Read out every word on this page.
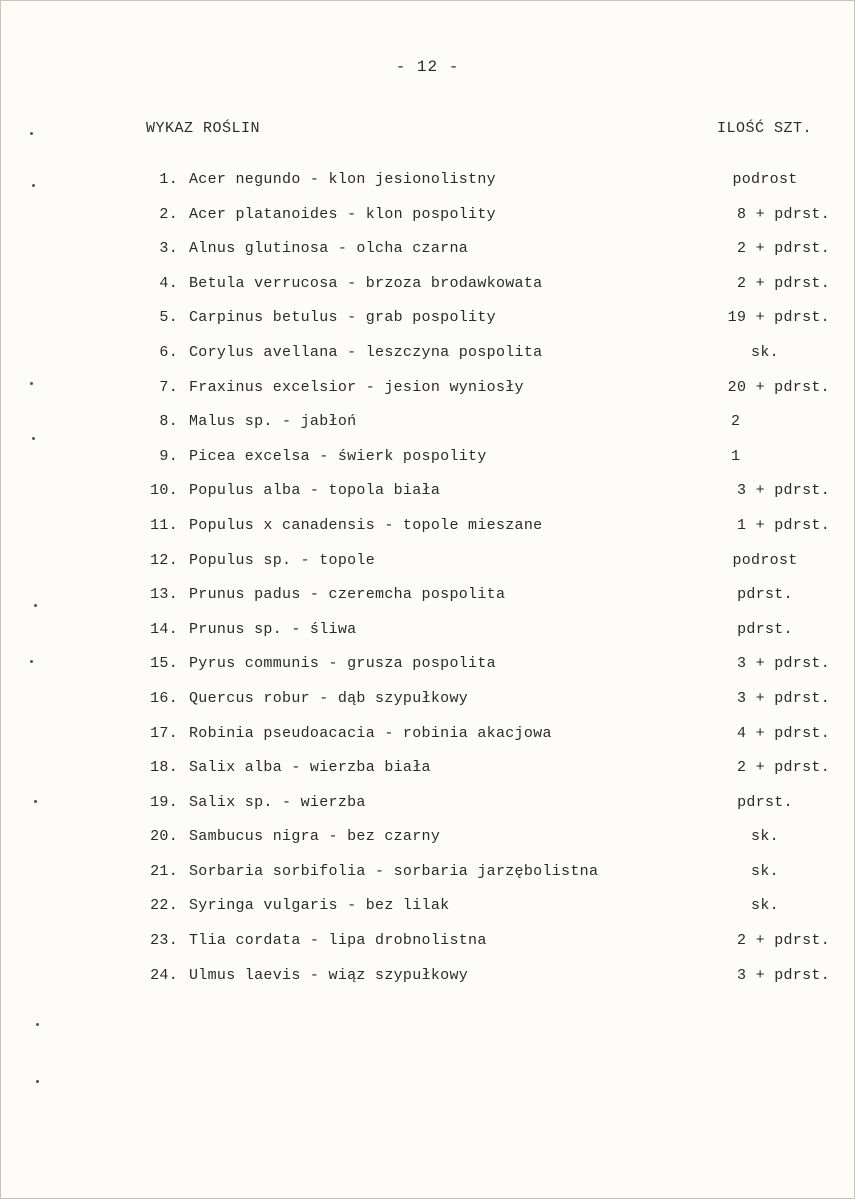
- 12 -
WYKAZ ROŚLIN	ILOŚĆ SZT.
1. Acer negundo - klon jesionolistny	podrost
2. Acer platanoides - klon pospolity	8 + pdrst.
3. Alnus glutinosa - olcha czarna	2 + pdrst.
4. Betula verrucosa - brzoza brodawkowata	2 + pdrst.
5. Carpinus betulus - grab pospolity	19 + pdrst.
6. Corylus avellana - leszczyna pospolita	sk.
7. Fraxinus excelsior - jesion wyniosły	20 + pdrst.
8. Malus sp. - jabłoń	2
9. Picea excelsa - świerk pospolity	1
10. Populus alba - topola biała	3 + pdrst.
11. Populus x canadensis - topole mieszane	1 + pdrst.
12. Populus sp. - topole	podrost
13. Prunus padus - czeremcha pospolita	pdrst.
14. Prunus sp. - śliwa	pdrst.
15. Pyrus communis - grusza pospolita	3 + pdrst.
16. Quercus robur - dąb szypułkowy	3 + pdrst.
17. Robinia pseudoacacia - robinia akacjowa	4 + pdrst.
18. Salix alba - wierzba biała	2 + pdrst.
19. Salix sp. - wierzba	pdrst.
20. Sambucus nigra - bez czarny	sk.
21. Sorbaria sorbifolia - sorbaria jarzębolistna	sk.
22. Syringa vulgaris - bez lilak	sk.
23. Tlia cordata - lipa drobnolistna	2 + pdrst.
24. Ulmus laevis - wiąz szypułkowy	3 + pdrst.
